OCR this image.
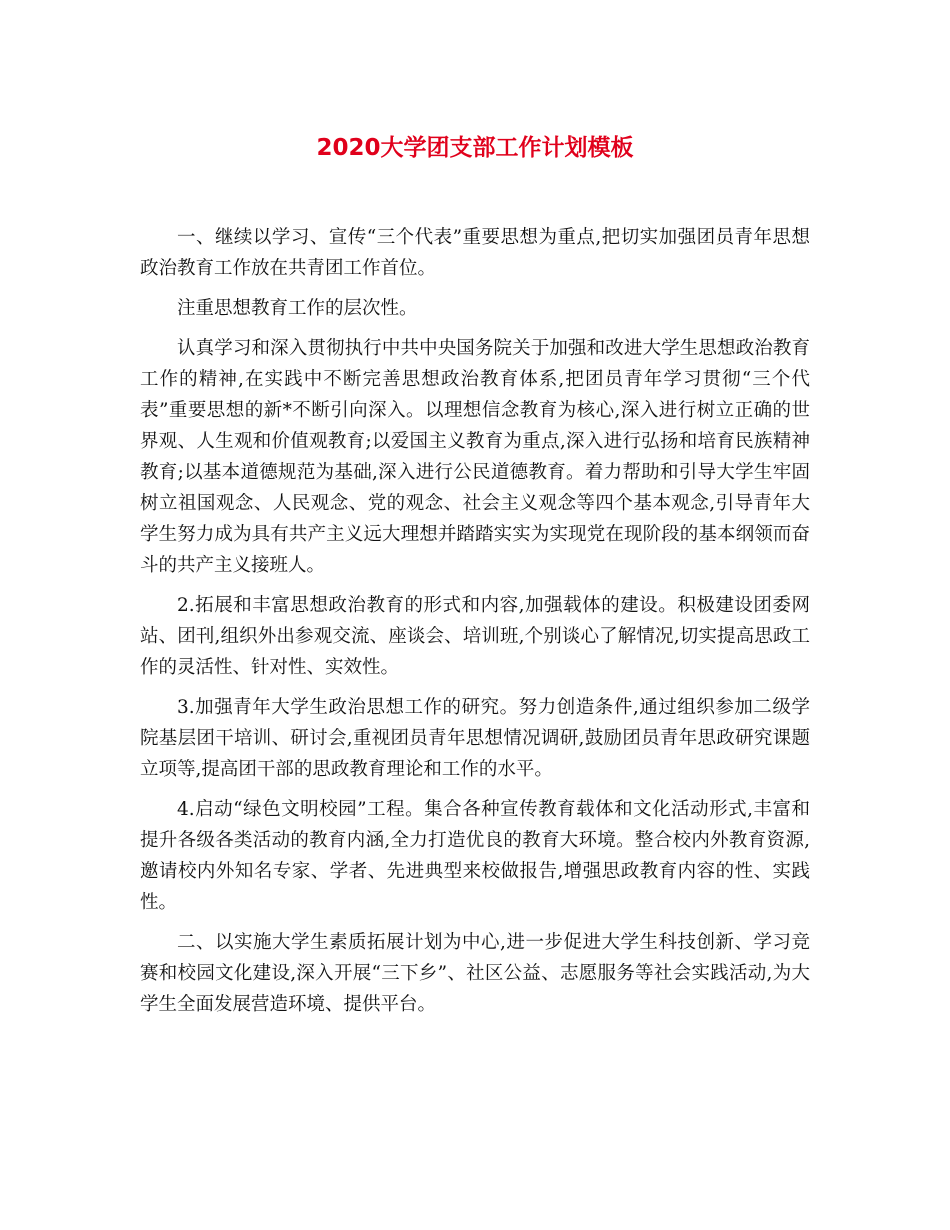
2020大学团支部工作计划模板

一、继续以学习、宣传“三个代表”重要思想为重点,把切实加强团员青年思想政治教育工作放在共青团工作首位。

注重思想教育工作的层次性。

认真学习和深入贯彻执行中共中央国务院关于加强和改进大学生思想政治教育工作的精神,在实践中不断完善思想政治教育体系,把团员青年学习贯彻“三个代表”重要思想的新*不断引向深入。以理想信念教育为核心,深入进行树立正确的世界观、人生观和价值观教育;以爱国主义教育为重点,深入进行弘扬和培育民族精神教育;以基本道德规范为基础,深入进行公民道德教育。着力帮助和引导大学生牢固树立祖国观念、人民观念、党的观念、社会主义观念等四个基本观念,引导青年大学生努力成为具有共产主义远大理想并踏踏实实为实现党在现阶段的基本纲领而奋斗的共产主义接班人。

2.拓展和丰富思想政治教育的形式和内容,加强载体的建设。积极建设团委网站、团刊,组织外出参观交流、座谈会、培训班,个别谈心了解情况,切实提高思政工作的灵活性、针对性、实效性。

3.加强青年大学生政治思想工作的研究。努力创造条件,通过组织参加二级学院基层团干培训、研讨会,重视团员青年思想情况调研,鼓励团员青年思政研究课题立项等,提高团干部的思政教育理论和工作的水平。

4.启动“绿色文明校园”工程。集合各种宣传教育载体和文化活动形式,丰富和提升各级各类活动的教育内涵,全力打造优良的教育大环境。整合校内外教育资源,邀请校内外知名专家、学者、先进典型来校做报告,增强思政教育内容的性、实践性。

二、以实施大学生素质拓展计划为中心,进一步促进大学生科技创新、学习竞赛和校园文化建设,深入开展“三下乡”、社区公益、志愿服务等社会实践活动,为大学生全面发展营造环境、提供平台。
